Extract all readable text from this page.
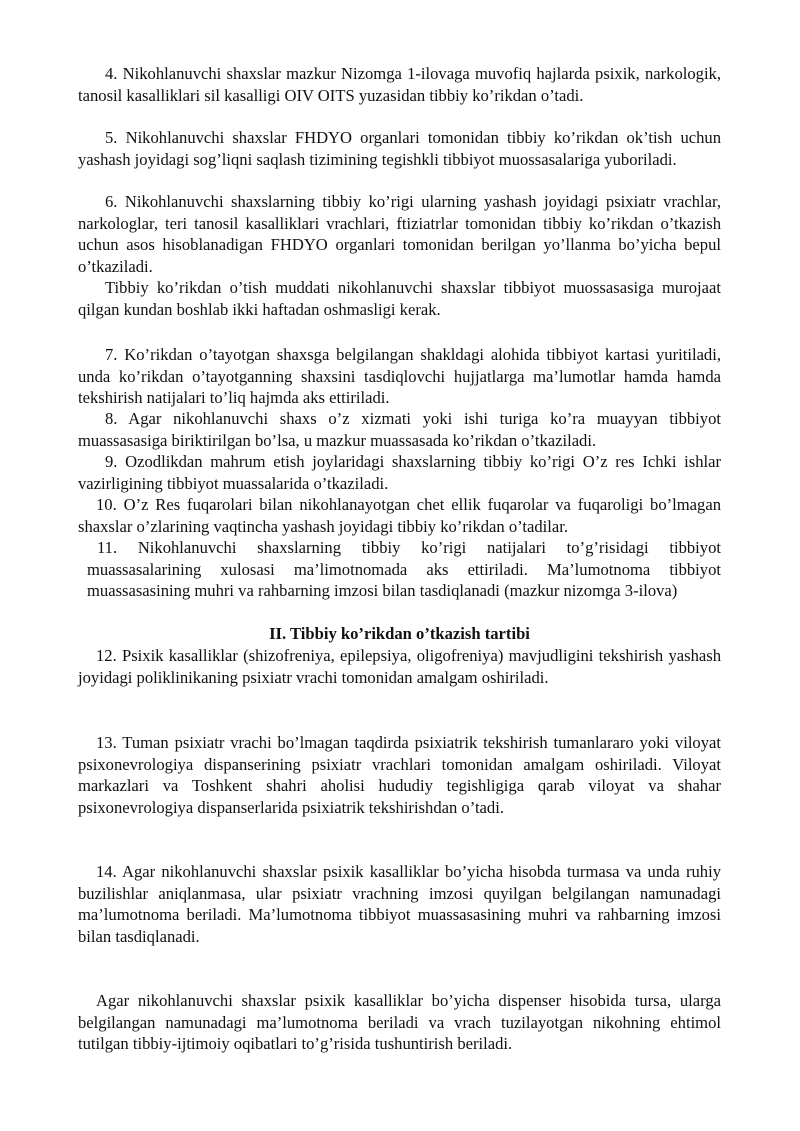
4. Nikohlanuvchi shaxslar mazkur Nizomga 1-ilovaga muvofiq hajlarda psixik, narkologik, tanosil kasalliklari sil kasalligi OIV OITS yuzasidan tibbiy ko’rikdan o’tadi.

5. Nikohlanuvchi shaxslar FHDYO organlari tomonidan tibbiy ko’rikdan ok’tish uchun yashash joyidagi sog’liqni saqlash tizimining tegishkli tibbiyot muossasalariga yuboriladi.

6. Nikohlanuvchi shaxslarning tibbiy ko’rigi ularning yashash joyidagi psixiatr vrachlar, narkologlar, teri tanosil kasalliklari vrachlari, ftiziatrlar tomonidan tibbiy ko’rikdan o’tkazish uchun asos hisoblanadigan FHDYO organlari tomonidan berilgan yo’llanma bo’yicha bepul o’tkaziladi.

Tibbiy ko’rikdan o’tish muddati nikohlanuvchi shaxslar tibbiyot muossasasiga murojaat qilgan kundan boshlab ikki haftadan oshmasligi kerak.

7. Ko’rikdan o’tayotgan shaxsga belgilangan shakldagi alohida tibbiyot kartasi yuritiladi, unda ko’rikdan o’tayotganning shaxsini tasdiqlovchi hujjatlarga ma’lumotlar hamda hamda tekshirish natijalari to’liq hajmda aks ettiriladi.

8. Agar nikohlanuvchi shaxs o’z xizmati yoki ishi turiga ko’ra muayyan tibbiyot muassasasiga biriktirilgan bo’lsa, u mazkur muassasada ko’rikdan o’tkaziladi.

9. Ozodlikdan mahrum etish joylaridagi shaxslarning tibbiy ko’rigi O’z res Ichki ishlar vazirligining tibbiyot muassalarida o’tkaziladi.

10. O’z Res fuqarolari bilan nikohlanayotgan chet ellik fuqarolar va fuqaroligi bo’lmagan shaxslar o’zlarining vaqtincha yashash joyidagi tibbiy ko’rikdan o’tadilar.

11. Nikohlanuvchi shaxslarning tibbiy ko’rigi natijalari to’g’risidagi tibbiyot muassasalarining xulosasi ma’limotnomada aks ettiriladi. Ma’lumotnoma tibbiyot muassasasining muhri va rahbarning imzosi bilan tasdiqlanadi (mazkur nizomga 3-ilova)

II. Tibbiy ko’rikdan o’tkazish tartibi

12. Psixik kasalliklar (shizofreniya, epilepsiya, oligofreniya) mavjudligini tekshirish yashash joyidagi poliklinikaning psixiatr vrachi tomonidan amalgam oshiriladi.

13. Tuman psixiatr vrachi bo’lmagan taqdirda psixiatrik tekshirish tumanlararo yoki viloyat psixonevrologiya dispanserining psixiatr vrachlari tomonidan amalgam oshiriladi. Viloyat markazlari va Toshkent shahri aholisi hududiy tegishligiga qarab viloyat va shahar psixonevrologiya dispanserlarida psixiatrik tekshirishdan o’tadi.

14. Agar nikohlanuvchi shaxslar psixik kasalliklar bo’yicha hisobda turmasa va unda ruhiy buzilishlar aniqlanmasa, ular psixiatr vrachning imzosi quyilgan belgilangan namunadagi ma’lumotnoma beriladi. Ma’lumotnoma tibbiyot muassasasining muhri va rahbarning imzosi bilan tasdiqlanadi.

Agar nikohlanuvchi shaxslar psixik kasalliklar bo’yicha dispenser hisobida tursa, ularga belgilangan namunadagi ma’lumotnoma beriladi va vrach tuzilayotgan nikohning ehtimol tutilgan tibbiy-ijtimoiy oqibatlari to’g’risida tushuntirish beriladi.
